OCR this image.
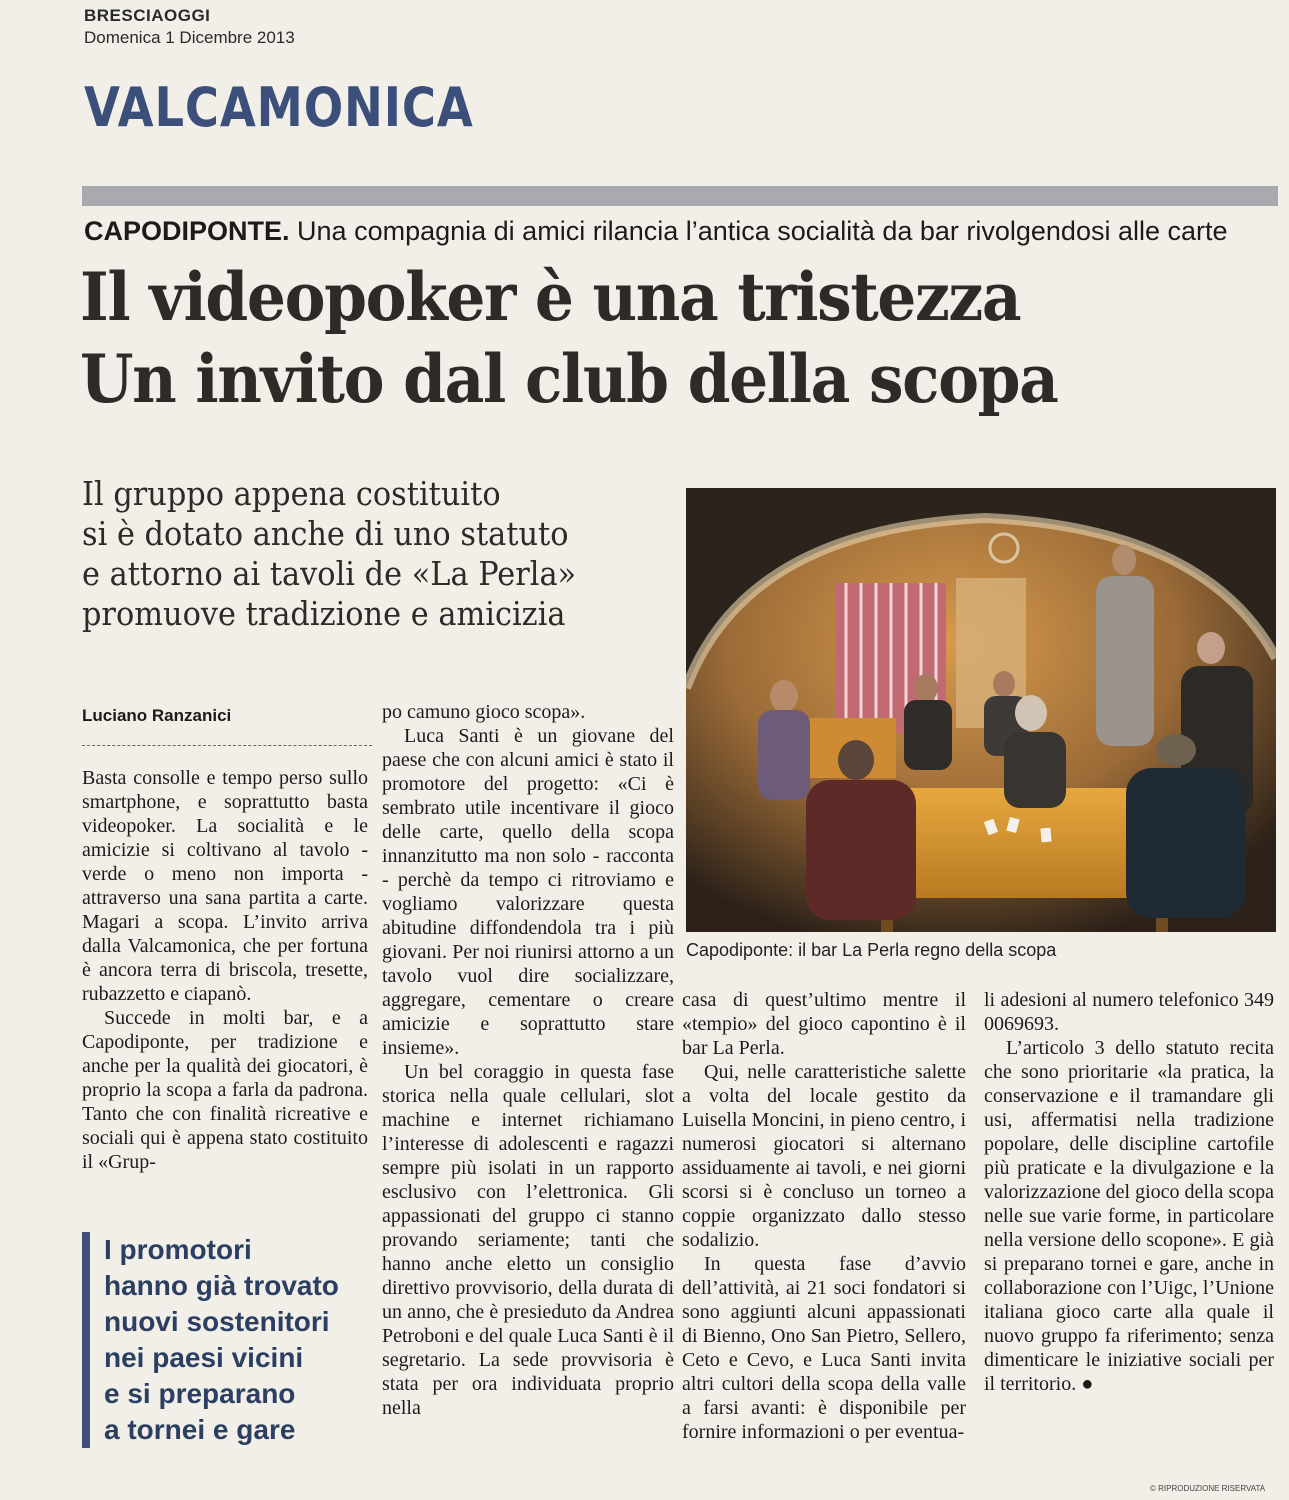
BRESCIAOGGI
Domenica 1 Dicembre 2013
VALCAMONICA
CAPODIPONTE. Una compagnia di amici rilancia l’antica socialità da bar rivolgendosi alle carte
Il videopoker è una tristezza
Un invito dal club della scopa
Il gruppo appena costituito
si è dotato anche di uno statuto
e attorno ai tavoli de «La Perla»
promuove tradizione e amicizia
Luciano Ranzanici

Basta consolle e tempo perso sullo smartphone, e soprattutto basta videopoker. La socialità e le amicizie si coltivano al tavolo - verde o meno non importa - attraverso una sana partita a carte. Magari a scopa. L’invito arriva dalla Valcamonica, che per fortuna è ancora terra di briscola, tresette, rubazzetto e ciapanò.

Succede in molti bar, e a Capodiponte, per tradizione e anche per la qualità dei giocatori, è proprio la scopa a farla da padrona. Tanto che con finalità ricreative e sociali qui è appena stato costituito il «Grup-

I promotori
hanno già trovato
nuovi sostenitori
nei paesi vicini
e si preparano
a tornei e gare

po camuno gioco scopa».

Luca Santi è un giovane del paese che con alcuni amici è stato il promotore del progetto: «Ci è sembrato utile incentivare il gioco delle carte, quello della scopa innanzitutto ma non solo - racconta - perchè da tempo ci ritroviamo e vogliamo valorizzare questa abitudine diffondendola tra i più giovani. Per noi riunirsi attorno a un tavolo vuol dire socializzare, aggregare, cementare o creare amicizie e soprattutto stare insieme».

Un bel coraggio in questa fase storica nella quale cellulari, slot machine e internet richiamano l’interesse di adolescenti e ragazzi sempre più isolati in un rapporto esclusivo con l’elettronica. Gli appassionati del gruppo ci stanno provando seriamente; tanti che hanno anche eletto un consiglio direttivo provvisorio, della durata di un anno, che è presieduto da Andrea Petroboni e del quale Luca Santi è il segretario. La sede provvisoria è stata per ora individuata proprio nella

Capodiponte: il bar La Perla regno della scopa

casa di quest’ultimo mentre il «tempio» del gioco capontino è il bar La Perla.

Qui, nelle caratteristiche salette a volta del locale gestito da Luisella Moncini, in pieno centro, i numerosi giocatori si alternano assiduamente ai tavoli, e nei giorni scorsi si è concluso un torneo a coppie organizzato dallo stesso sodalizio.

In questa fase d’avvio dell’attività, ai 21 soci fondatori si sono aggiunti alcuni appassionati di Bienno, Ono San Pietro, Sellero, Ceto e Cevo, e Luca Santi invita altri cultori della scopa della valle a farsi avanti: è disponibile per fornire informazioni o per eventua-

li adesioni al numero telefonico 349 0069693.

L’articolo 3 dello statuto recita che sono prioritarie «la pratica, la conservazione e il tramandare gli usi, affermatisi nella tradizione popolare, delle discipline cartofile più praticate e la divulgazione e la valorizzazione del gioco della scopa nelle sue varie forme, in particolare nella versione dello scopone». E già si preparano tornei e gare, anche in collaborazione con l’Uigc, l’Unione italiana gioco carte alla quale il nuovo gruppo fa riferimento; senza dimenticare le iniziative sociali per il territorio. ●

© RIPRODUZIONE RISERVATA
